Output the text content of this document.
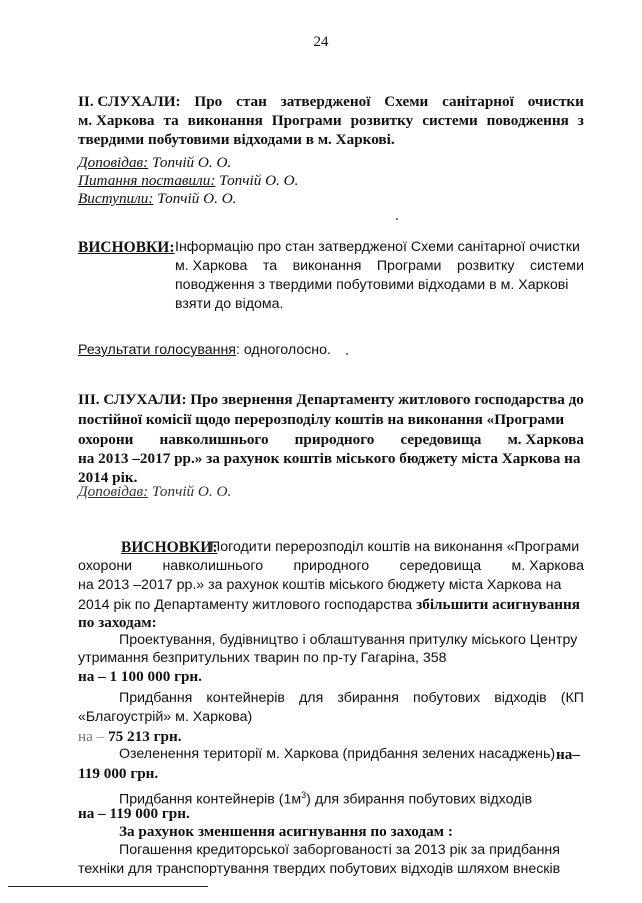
24
II. СЛУХАЛИ: Про стан затвердженої Схеми санітарної очистки
м. Харкова та виконання Програми розвитку системи поводження з
твердими побутовими відходами в м. Харкові.
Доповідав: Топчій О. О.
Питання поставили: Топчій О. О.
Виступили: Топчій О. О.
ВИСНОВКИ: Інформацію про стан затвердженої Схеми санітарної очистки
м. Харкова та виконання Програми розвитку системи
поводження з твердими побутовими відходами в м. Харкові
взяти до відома.
Результати голосування: одноголосно.
III. СЛУХАЛИ: Про звернення Департаменту житлового господарства до
постійної комісії щодо перерозподілу коштів на виконання «Програми
охорони навколишнього природного середовища м. Харкова
на 2013 –2017 рр.» за рахунок коштів міського бюджету міста Харкова на
2014 рік.
Доповідав: Топчій О. О.
ВИСНОВКИ:
Погодити перерозподіл коштів на виконання «Програми
охорони навколишнього природного середовища м. Харкова
на 2013 –2017 рр.» за рахунок коштів міського бюджету міста Харкова на
2014 рік по Департаменту житлового господарства збільшити асигнування
по заходам:
Проектування, будівництво і облаштування притулку міського Центру
утримання безпритульних тварин по пр-ту Гагаріна, 358
на – 1 100 000 грн.
Придбання контейнерів для збирання побутових відходів (КП
«Благоустрій» м. Харкова)
на – 75 213 грн.
Озеленення території м. Харкова (придбання зелених насаджень) на–
119 000 грн.
Придбання контейнерів $(1м^3)$ для збирання побутових відходів
на – 119 000 грн.
За рахунок зменшення асигнування по заходам :
Погашення кредиторської заборгованості за 2013 рік за придбання
техніки для транспортування твердих побутових відходів шляхом внесків
